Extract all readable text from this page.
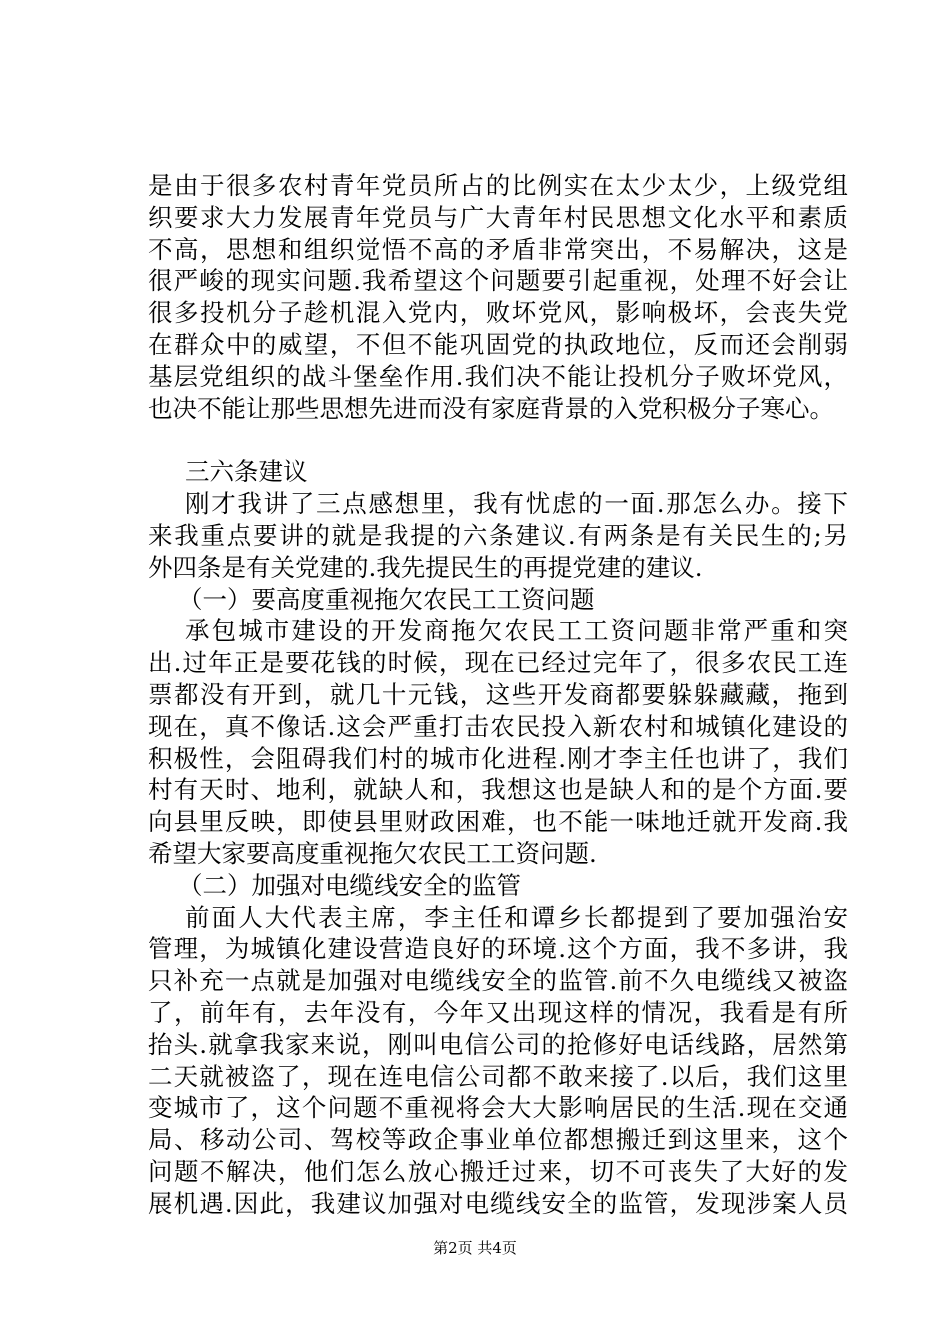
是由于很多农村青年党员所占的比例实在太少太少，上级党组
织要求大力发展青年党员与广大青年村民思想文化水平和素质
不高，思想和组织觉悟不高的矛盾非常突出，不易解决，这是
很严峻的现实问题.我希望这个问题要引起重视，处理不好会让
很多投机分子趁机混入党内，败坏党风，影响极坏，会丧失党
在群众中的威望，不但不能巩固党的执政地位，反而还会削弱
基层党组织的战斗堡垒作用.我们决不能让投机分子败坏党风，
也决不能让那些思想先进而没有家庭背景的入党积极分子寒心。
三六条建议
刚才我讲了三点感想里，我有忧虑的一面.那怎么办。接下
来我重点要讲的就是我提的六条建议.有两条是有关民生的;另
外四条是有关党建的.我先提民生的再提党建的建议.
（一）要高度重视拖欠农民工工资问题
承包城市建设的开发商拖欠农民工工资问题非常严重和突
出.过年正是要花钱的时候，现在已经过完年了，很多农民工连
票都没有开到，就几十元钱，这些开发商都要躲躲藏藏，拖到
现在，真不像话.这会严重打击农民投入新农村和城镇化建设的
积极性，会阻碍我们村的城市化进程.刚才李主任也讲了，我们
村有天时、地利，就缺人和，我想这也是缺人和的是个方面.要
向县里反映，即使县里财政困难，也不能一味地迁就开发商.我
希望大家要高度重视拖欠农民工工资问题.
（二）加强对电缆线安全的监管
前面人大代表主席，李主任和谭乡长都提到了要加强治安
管理，为城镇化建设营造良好的环境.这个方面，我不多讲，我
只补充一点就是加强对电缆线安全的监管.前不久电缆线又被盗
了，前年有，去年没有，今年又出现这样的情况，我看是有所
抬头.就拿我家来说，刚叫电信公司的抢修好电话线路，居然第
二天就被盗了，现在连电信公司都不敢来接了.以后，我们这里
变城市了，这个问题不重视将会大大影响居民的生活.现在交通
局、移动公司、驾校等政企事业单位都想搬迁到这里来，这个
问题不解决，他们怎么放心搬迁过来，切不可丧失了大好的发
展机遇.因此，我建议加强对电缆线安全的监管，发现涉案人员
第2页 共4页
